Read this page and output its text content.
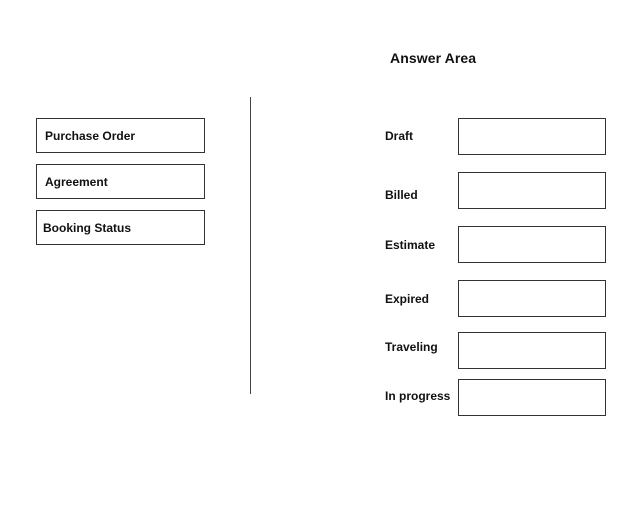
Answer Area
Purchase Order
Agreement
Booking Status
Draft
Billed
Estimate
Expired
Traveling
In progress
